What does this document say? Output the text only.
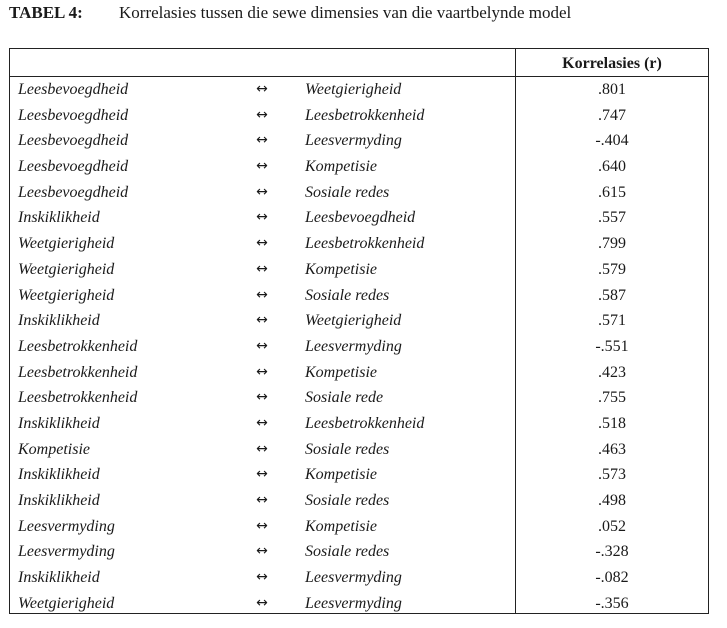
TABEL 4: Korrelasies tussen die sewe dimensies van die vaartbelynde model
Korrelasies (r)
Leesbevoegdheid	↔	Weetgierigheid	.801
Leesbevoegdheid	↔	Leesbetrokkenheid	.747
Leesbevoegdheid	↔	Leesvermyding	-.404
Leesbevoegdheid	↔	Kompetisie	.640
Leesbevoegdheid	↔	Sosiale redes	.615
Inskiklikheid	↔	Leesbevoegdheid	.557
Weetgierigheid	↔	Leesbetrokkenheid	.799
Weetgierigheid	↔	Kompetisie	.579
Weetgierigheid	↔	Sosiale redes	.587
Inskiklikheid	↔	Weetgierigheid	.571
Leesbetrokkenheid	↔	Leesvermyding	-.551
Leesbetrokkenheid	↔	Kompetisie	.423
Leesbetrokkenheid	↔	Sosiale rede	.755
Inskiklikheid	↔	Leesbetrokkenheid	.518
Kompetisie	↔	Sosiale redes	.463
Inskiklikheid	↔	Kompetisie	.573
Inskiklikheid	↔	Sosiale redes	.498
Leesvermyding	↔	Kompetisie	.052
Leesvermyding	↔	Sosiale redes	-.328
Inskiklikheid	↔	Leesvermyding	-.082
Weetgierigheid	↔	Leesvermyding	-.356
